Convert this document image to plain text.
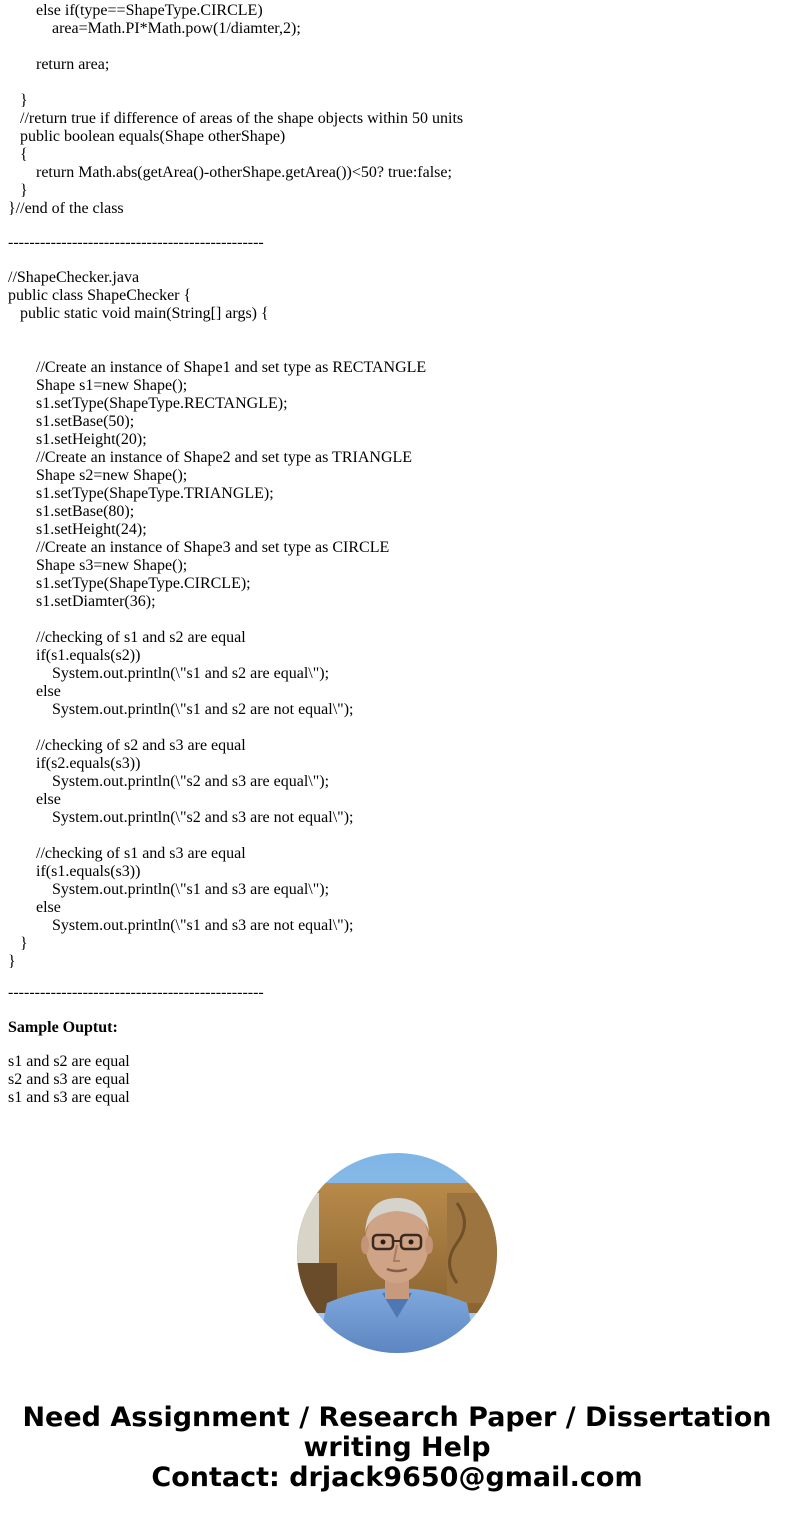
else if(type==ShapeType.CIRCLE)
area=Math.PI*Math.pow(1/diamter,2);
return area;
}
//return true if difference of areas of the shape objects within 50 units
public boolean equals(Shape otherShape)
{
return Math.abs(getArea()-otherShape.getArea())<50? true:false;
}
}//end of the class
------------------------------------------------
//ShapeChecker.java
public class ShapeChecker {
public static void main(String[] args) {
//Create an instance of Shape1 and set type as RECTANGLE
Shape s1=new Shape();
s1.setType(ShapeType.RECTANGLE);
s1.setBase(50);
s1.setHeight(20);
//Create an instance of Shape2 and set type as TRIANGLE
Shape s2=new Shape();
s1.setType(ShapeType.TRIANGLE);
s1.setBase(80);
s1.setHeight(24);
//Create an instance of Shape3 and set type as CIRCLE
Shape s3=new Shape();
s1.setType(ShapeType.CIRCLE);
s1.setDiamter(36);
//checking of s1 and s2 are equal
if(s1.equals(s2))
System.out.println(\"s1 and s2 are equal\");
else
System.out.println(\"s1 and s2 are not equal\");
//checking of s2 and s3 are equal
if(s2.equals(s3))
System.out.println(\"s2 and s3 are equal\");
else
System.out.println(\"s2 and s3 are not equal\");
//checking of s1 and s3 are equal
if(s1.equals(s3))
System.out.println(\"s1 and s3 are equal\");
else
System.out.println(\"s1 and s3 are not equal\");
}
}
------------------------------------------------

Sample Ouptut:

s1 and s2 are equal
s2 and s3 are equal
s1 and s3 are equal
Need Assignment / Research Paper / Dissertation writing Help
Contact: drjack9650@gmail.com
